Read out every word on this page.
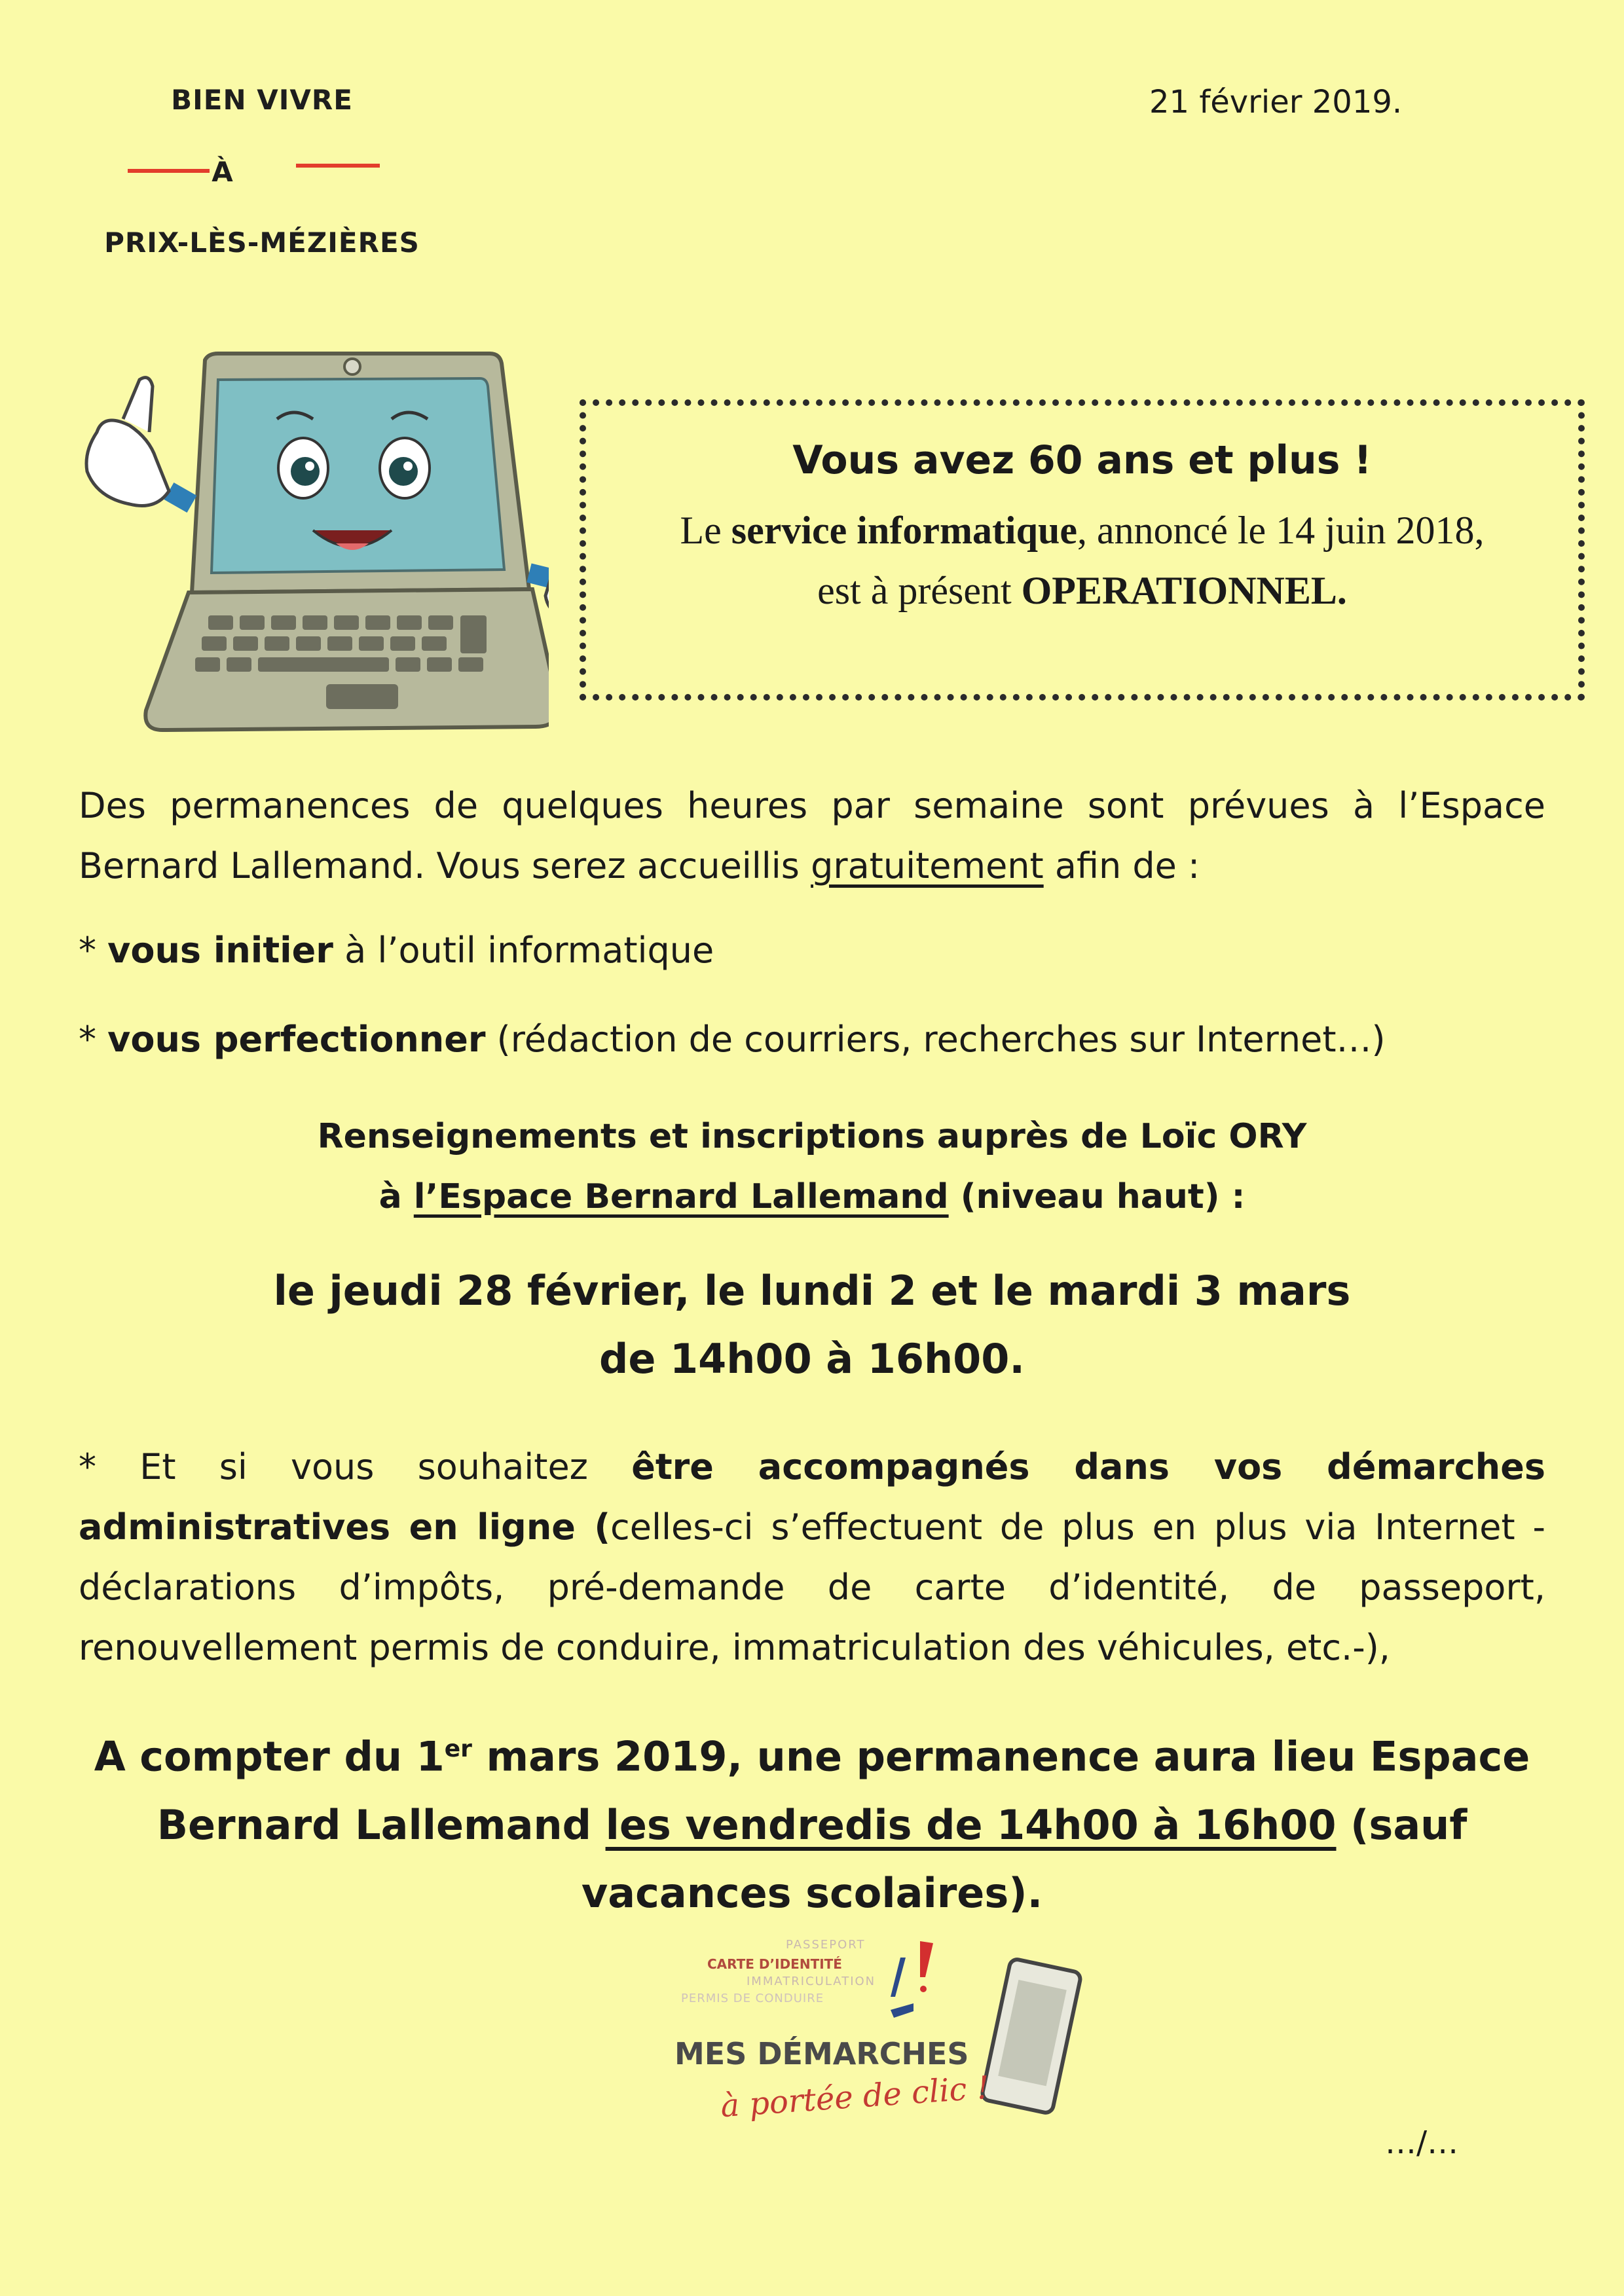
BIEN VIVRE
À
PRIX-LÈS-MÉZIÈRES
21 février 2019.
Vous avez 60 ans et plus !
Le service informatique, annoncé le 14 juin 2018,
est à présent OPERATIONNEL.
Des permanences de quelques heures par semaine sont prévues à l’Espace Bernard Lallemand. Vous serez accueillis gratuitement afin de :
* vous initier à l’outil informatique
* vous perfectionner (rédaction de courriers, recherches sur Internet…)
Renseignements et inscriptions auprès de Loïc ORY
à l’Espace Bernard Lallemand (niveau haut) :
le jeudi 28 février, le lundi 2 et le mardi 3 mars
de 14h00 à 16h00.
* Et si vous souhaitez être accompagnés dans vos démarches administratives en ligne (celles-ci s’effectuent de plus en plus via Internet -déclarations d’impôts, pré-demande de carte d’identité, de passeport, renouvellement permis de conduire, immatriculation des véhicules, etc.-),
A compter du 1er mars 2019, une permanence aura lieu Espace Bernard Lallemand les vendredis de 14h00 à 16h00 (sauf vacances scolaires).
PASSEPORT
CARTE D’IDENTITÉ
IMMATRICULATION
PERMIS DE CONDUIRE
MES DÉMARCHES
à portée de clic !
…/…
